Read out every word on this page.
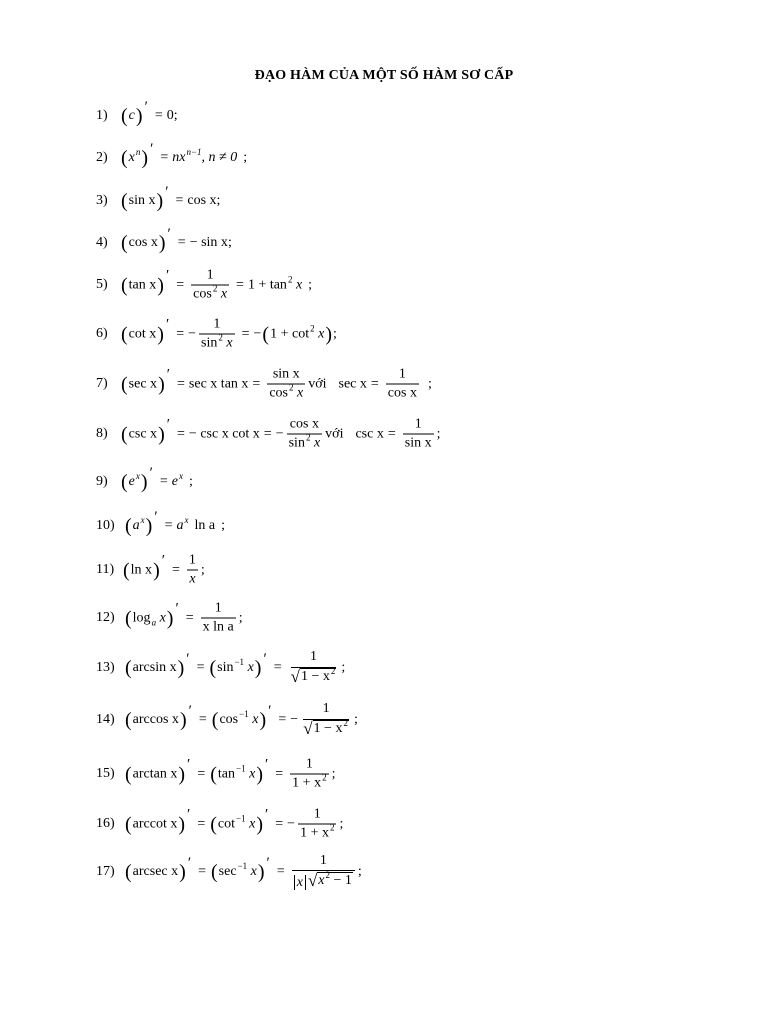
ĐẠO HÀM CỦA MỘT SỐ HÀM SƠ CẤP
1) ( c ) ′
= 0 ;
2) ( x n ) ′
= nx n−1 , n ≠ 0 ;
3) ( sin x ) ′
= cos x ;
4) ( cos x ) ′
= − sin x ;
5) ( tan x ) ′
= $\frac{1}{\cos^2 x} = 1 + \tan 2$
x ;
6) ( cot x ) ′
= − $\frac{1}{\sin^2 x}$ = − ( 1 + cot 2
x ) ;
7) ( sec x ) ′
= sec x $\tan x = \frac{\text{sin x}}{\cos^2 x}$ với $\sec x = \frac{1}{\text{cos x}}$ ;
8) ( csc x ) ′
= − csc x cot x = − $\frac{\text{cos x}}{\sin^2 x}$ với $\csc x = \frac{1}{\text{sin x}}$ ;
9) ( e x ) ′
= e x ;
10) ( a x ) ′
= a x ln a ;
11) ( ln x ) ′
= $\frac{1}{x}$ ;
12) ( log a
x ) ′
= $\frac{1}{\text{x ln a}}$ ;
13) ( arcsin x ) ′
= ( sin −1
x ) ′
=
1
√ $1 - x^2$ ;
14) ( arccos x ) ′
= ( cos −1
x ) ′
= −
1
√ $1 - x^2$ ;
15) ( arctan x ) ′
= ( tan −1
x ) ′
= $\frac{1}{1 + x^2}$ ;
16) ( arccot x ) ′
= ( cot −1
x ) ′
= − $\frac{1}{1 + x^2}$ ;
17) ( arcsec x ) ′
= ( sec −1
x ) ′
= $\frac{1}{x √ x^2 - 1}$ ;
